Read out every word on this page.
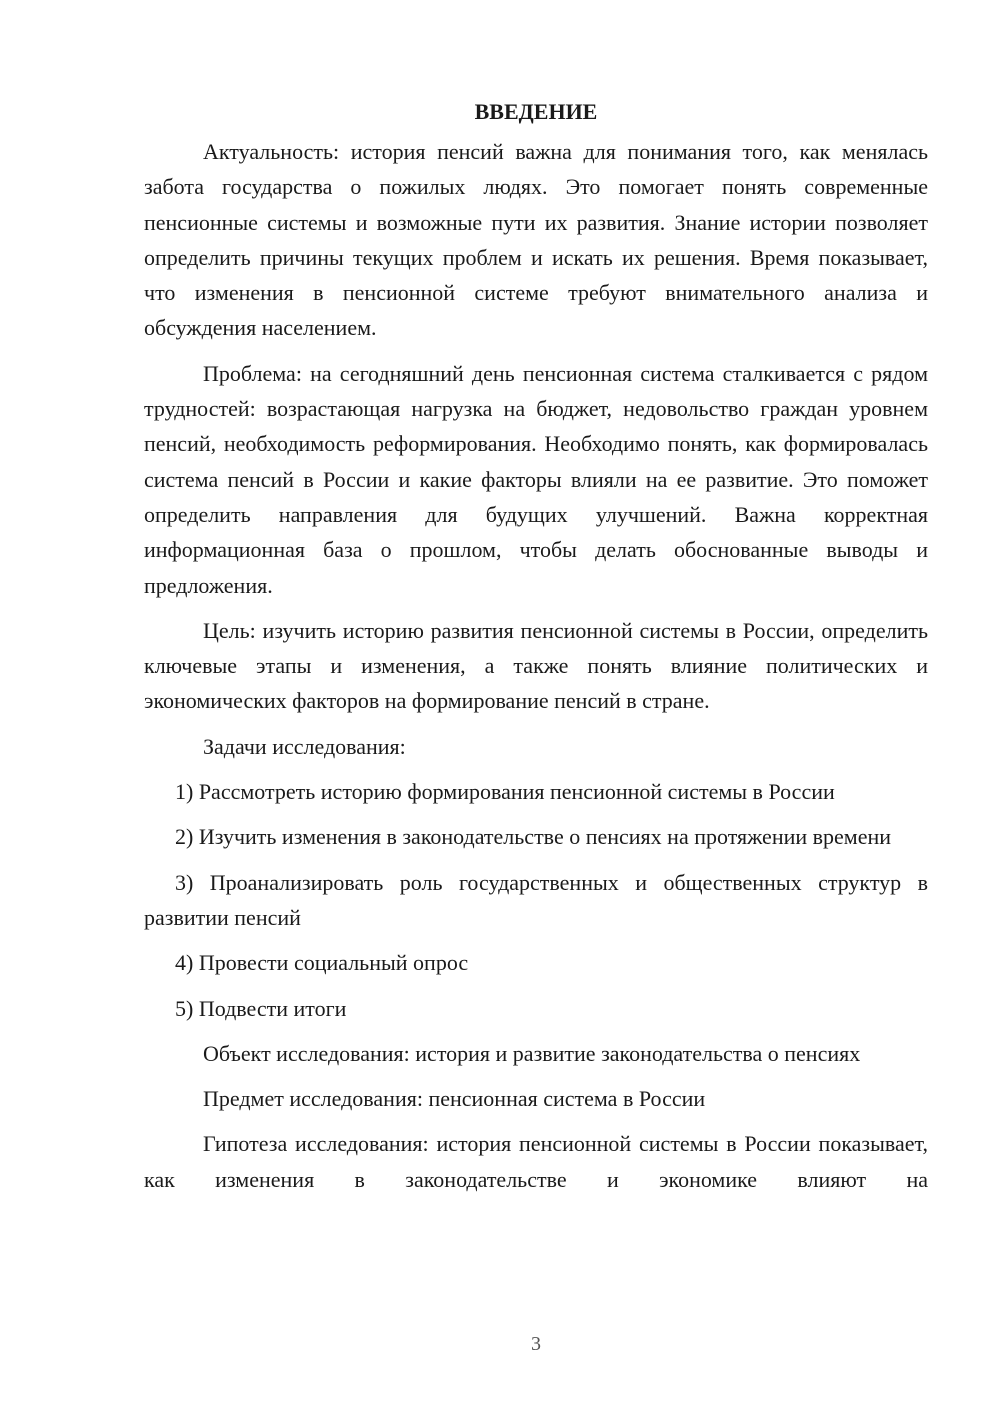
ВВЕДЕНИЕ

Актуальность: история пенсий важна для понимания того, как менялась забота государства о пожилых людях. Это помогает понять современные пенсионные системы и возможные пути их развития. Знание истории позволяет определить причины текущих проблем и искать их решения. Время показывает, что изменения в пенсионной системе требуют внимательного анализа и обсуждения населением.

Проблема: на сегодняшний день пенсионная система сталкивается с рядом трудностей: возрастающая нагрузка на бюджет, недовольство граждан уровнем пенсий, необходимость реформирования. Необходимо понять, как формировалась система пенсий в России и какие факторы влияли на ее развитие. Это поможет определить направления для будущих улучшений. Важна корректная информационная база о прошлом, чтобы делать обоснованные выводы и предложения.

Цель: изучить историю развития пенсионной системы в России, определить ключевые этапы и изменения, а также понять влияние политических и экономических факторов на формирование пенсий в стране.

Задачи исследования:

1) Рассмотреть историю формирования пенсионной системы в России

2) Изучить изменения в законодательстве о пенсиях на протяжении времени

3) Проанализировать роль государственных и общественных структур в развитии пенсий

4) Провести социальный опрос

5) Подвести итоги

Объект исследования: история и развитие законодательства о пенсиях

Предмет исследования: пенсионная система в России

Гипотеза исследования: история пенсионной системы в России показывает, как изменения в законодательстве и экономике влияют на

3
